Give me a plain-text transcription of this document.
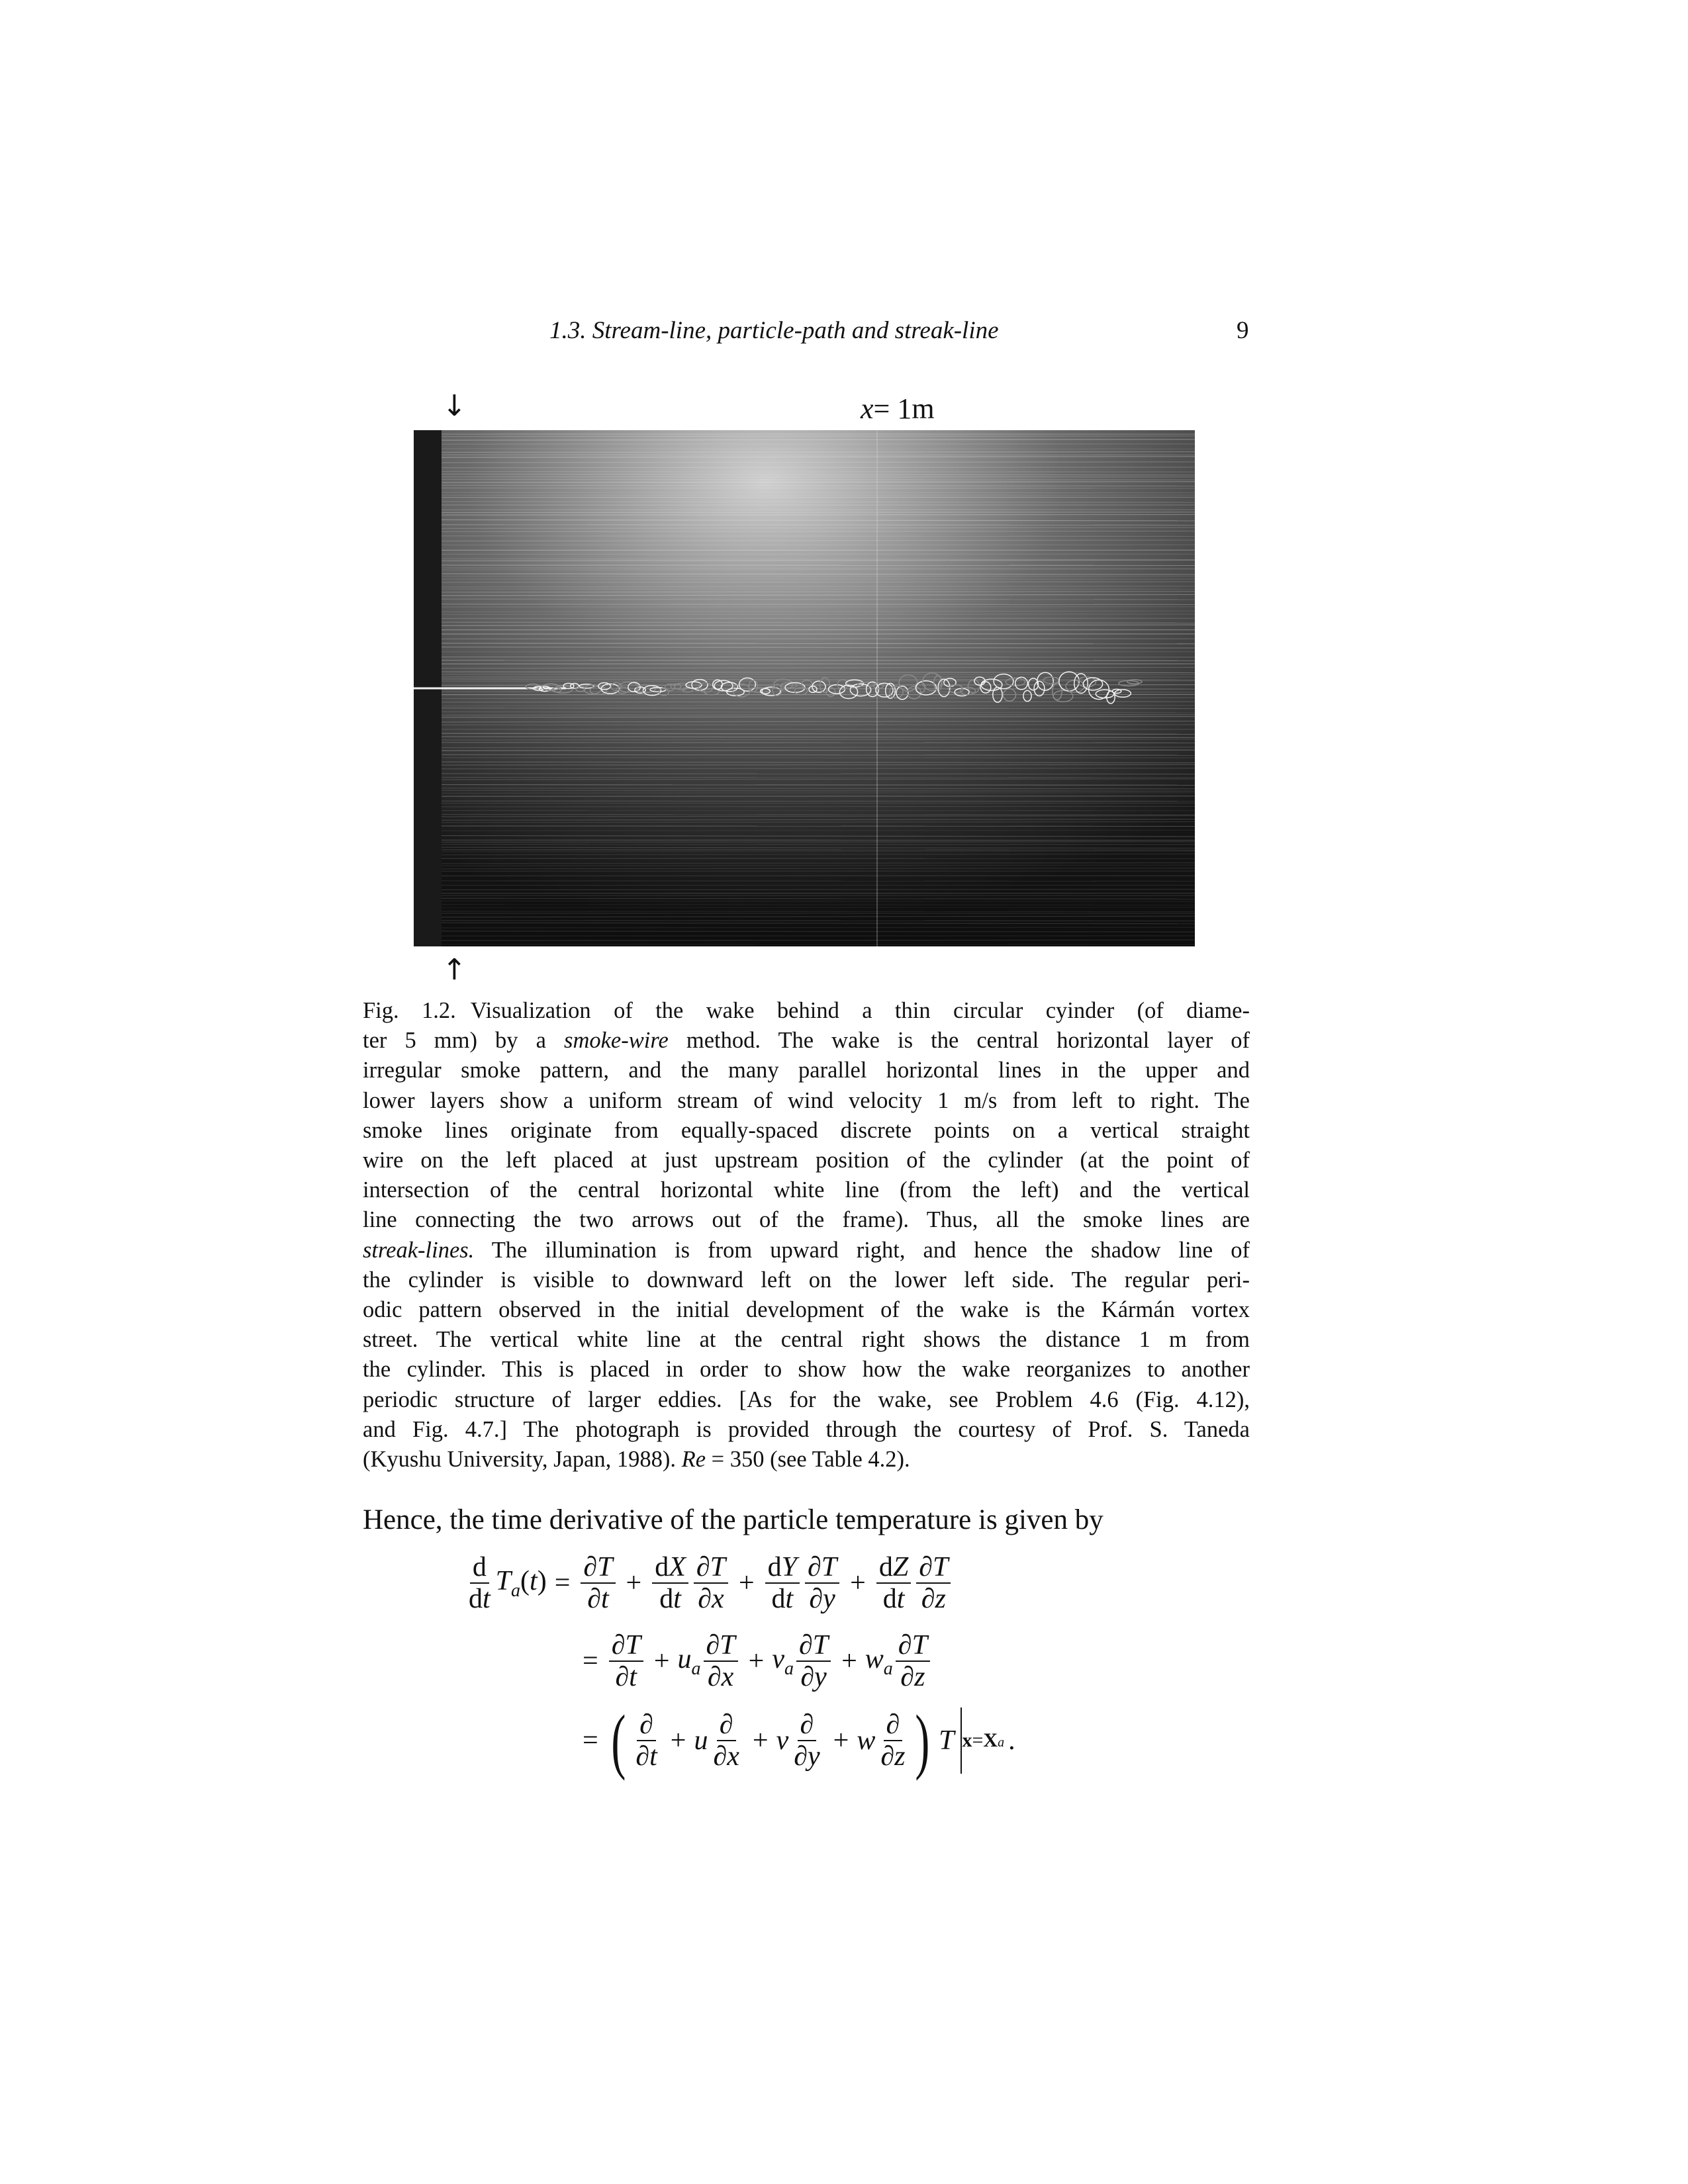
1.3. Stream-line, particle-path and streak-line	9
↓	x= 1m
↑
Fig. 1.2. Visualization of the wake behind a thin circular cyinder (of diame-
ter 5 mm) by a smoke-wire method. The wake is the central horizontal layer of
irregular smoke pattern, and the many parallel horizontal lines in the upper and
lower layers show a uniform stream of wind velocity 1 m/s from left to right. The
smoke lines originate from equally-spaced discrete points on a vertical straight
wire on the left placed at just upstream position of the cylinder (at the point of
intersection of the central horizontal white line (from the left) and the vertical
line connecting the two arrows out of the frame). Thus, all the smoke lines are
streak-lines. The illumination is from upward right, and hence the shadow line of
the cylinder is visible to downward left on the lower left side. The regular peri-
odic pattern observed in the initial development of the wake is the Kármán vortex
street. The vertical white line at the central right shows the distance 1 m from
the cylinder. This is placed in order to show how the wake reorganizes to another
periodic structure of larger eddies. [As for the wake, see Problem 4.6 (Fig. 4.12),
and Fig. 4.7.] The photograph is provided through the courtesy of Prof. S. Taneda
(Kyushu University, Japan, 1988). Re = 350 (see Table 4.2).
Hence, the time derivative of the particle temperature is given by
$\frac{d}{dt} T_a(t) = \frac{\partial T}{\partial t} + \frac{dX}{dt} \frac{\partial T}{\partial x} + \frac{dY}{dt} \frac{\partial T}{\partial y} + \frac{dZ}{dt} \frac{\partial T}{\partial z}$
= $\frac{\partial T}{\partial t} + u_a \frac{\partial T}{\partial x} + v_a \frac{\partial T}{\partial y} + w_a \frac{\partial T}{\partial z}$
= ( $\frac{\partial}{\partial t} + u \frac{\partial}{\partial x} + v \frac{\partial}{\partial y} + w \frac{\partial}{\partial z}$ ) T x=Xa .
